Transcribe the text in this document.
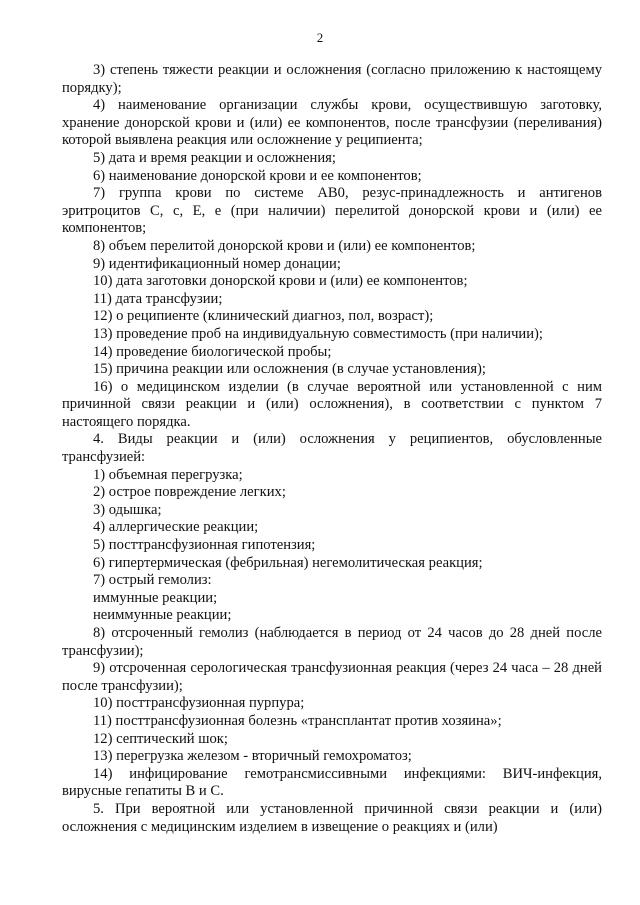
2

3) степень тяжести реакции и осложнения (согласно приложению к настоящему порядку);

4) наименование организации службы крови, осуществившую заготовку, хранение донорской крови и (или) ее компонентов, после трансфузии (переливания) которой выявлена реакция или осложнение у реципиента;

5) дата и время реакции и осложнения;

6) наименование донорской крови и ее компонентов;

7) группа крови по системе AB0, резус-принадлежность и антигенов эритроцитов C, c, E, e (при наличии) перелитой донорской крови и (или) ее компонентов;

8) объем перелитой донорской крови и (или) ее компонентов;

9) идентификационный номер донации;

10) дата заготовки донорской крови и (или) ее компонентов;

11) дата трансфузии;

12) о реципиенте (клинический диагноз, пол, возраст);

13) проведение проб на индивидуальную совместимость (при наличии);

14) проведение биологической пробы;

15) причина реакции или осложнения (в случае установления);

16) о медицинском изделии (в случае вероятной или установленной с ним причинной связи реакции и (или) осложнения), в соответствии с пунктом 7 настоящего порядка.

4. Виды реакции и (или) осложнения у реципиентов, обусловленные трансфузией:

1) объемная перегрузка;

2) острое повреждение легких;

3) одышка;

4) аллергические реакции;

5) посттрансфузионная гипотензия;

6) гипертермическая (фебрильная) негемолитическая реакция;

7) острый гемолиз:

иммунные реакции;

неиммунные реакции;

8) отсроченный гемолиз (наблюдается в период от 24 часов до 28 дней после трансфузии);

9) отсроченная серологическая трансфузионная реакция (через 24 часа – 28 дней после трансфузии);

10) посттрансфузионная пурпура;

11) посттрансфузионная болезнь «трансплантат против хозяина»;

12) септический шок;

13) перегрузка железом - вторичный гемохроматоз;

14) инфицирование гемотрансмиссивными инфекциями: ВИЧ-инфекция, вирусные гепатиты B и C.

5. При вероятной или установленной причинной связи реакции и (или) осложнения с медицинским изделием в извещение о реакциях и (или)
